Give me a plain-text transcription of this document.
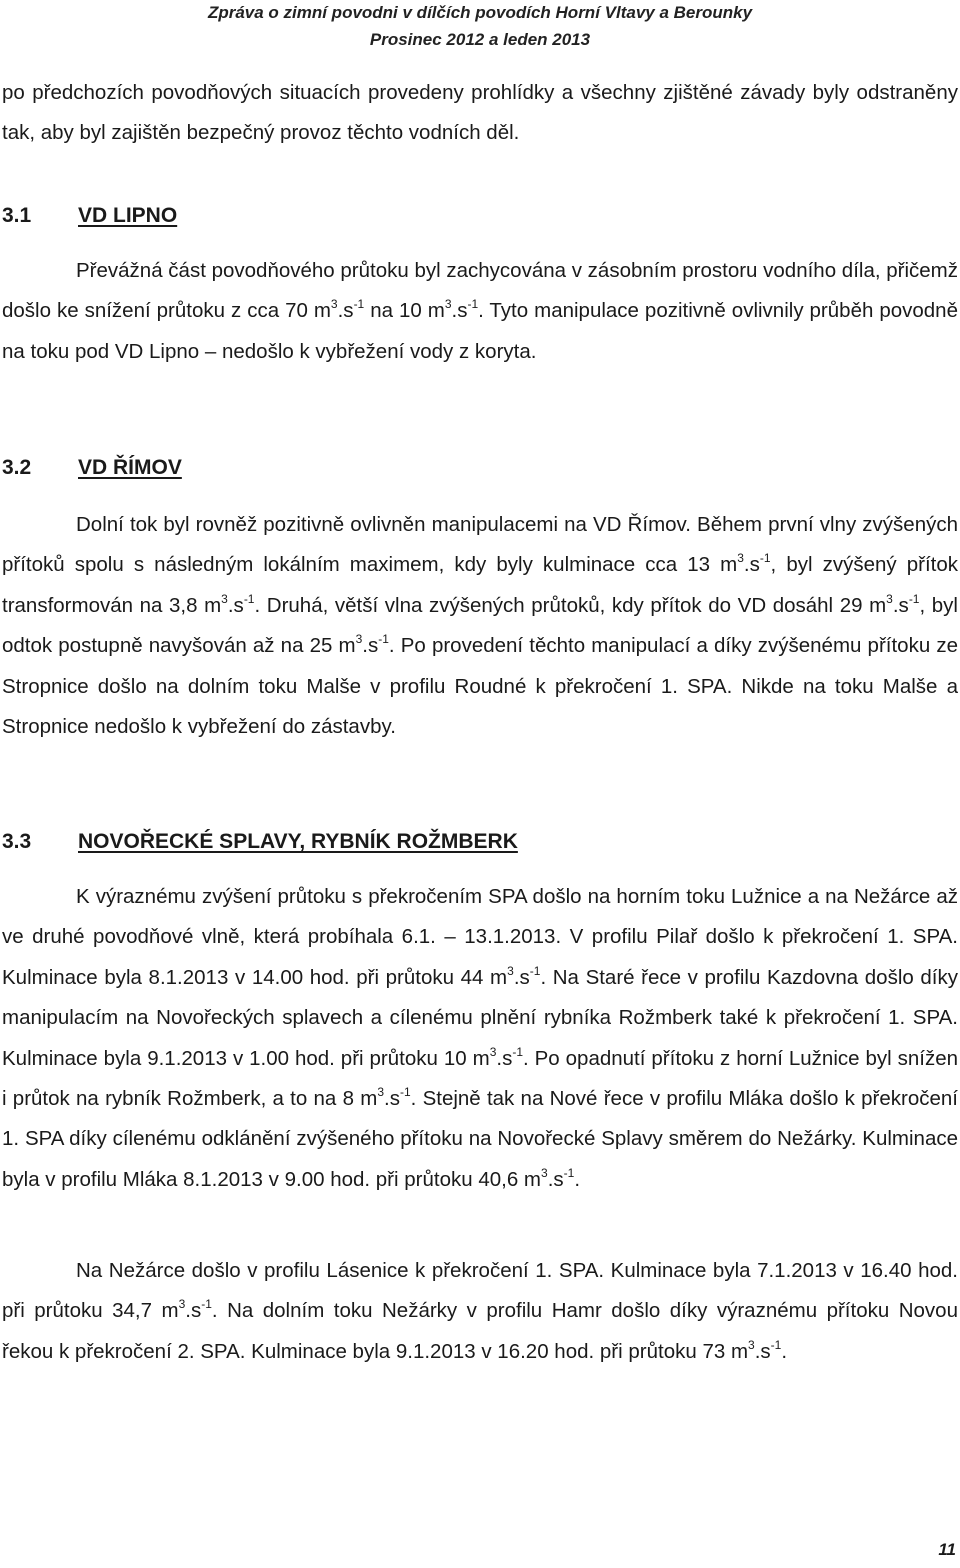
Zpráva o zimní povodni v dílčích povodích Horní Vltavy a Berounky
Prosinec 2012 a leden 2013

po předchozích povodňových situacích provedeny prohlídky a všechny zjištěné závady byly odstraněny tak, aby byl zajištěn bezpečný provoz těchto vodních děl.

3.1 VD LIPNO

Převážná část povodňového průtoku byl zachycována v zásobním prostoru vodního díla, přičemž došlo ke snížení průtoku z cca 70 $m^3.s^{-1}$ na 10 $m^3.s^{-1}$. Tyto manipulace pozitivně ovlivnily průběh povodně na toku pod VD Lipno – nedošlo k vybřežení vody z koryta.

3.2 VD ŘÍMOV

Dolní tok byl rovněž pozitivně ovlivněn manipulacemi na VD Římov. Během první vlny zvýšených přítoků spolu s následným lokálním maximem, kdy byly kulminace cca 13 $m^3.s^{-1}$, byl zvýšený přítok transformován na 3,8 $m^3.s^{-1}$. Druhá, větší vlna zvýšených průtoků, kdy přítok do VD dosáhl 29 $m^3.s^{-1}$, byl odtok postupně navyšován až na 25 $m^3.s^{-1}$. Po provedení těchto manipulací a díky zvýšenému přítoku ze Stropnice došlo na dolním toku Malše v profilu Roudné k překročení 1. SPA. Nikde na toku Malše a Stropnice nedošlo k vybřežení do zástavby.

3.3 NOVOŘECKÉ SPLAVY, RYBNÍK ROŽMBERK

K výraznému zvýšení průtoku s překročením SPA došlo na horním toku Lužnice a na Nežárce až ve druhé povodňové vlně, která probíhala 6.1. – 13.1.2013. V profilu Pilař došlo k překročení 1. SPA. Kulminace byla 8.1.2013 v 14.00 hod. při průtoku 44 $m^3.s^{-1}$. Na Staré řece v profilu Kazdovna došlo díky manipulacím na Novořeckých splavech a cílenému plnění rybníka Rožmberk také k překročení 1. SPA. Kulminace byla 9.1.2013 v 1.00 hod. při průtoku 10 $m^3.s^{-1}$. Po opadnutí přítoku z horní Lužnice byl snížen i průtok na rybník Rožmberk, a to na 8 $m^3.s^{-1}$. Stejně tak na Nové řece v profilu Mláka došlo k překročení 1. SPA díky cílenému odklánění zvýšeného přítoku na Novořecké Splavy směrem do Nežárky. Kulminace byla v profilu Mláka 8.1.2013 v 9.00 hod. při průtoku 40,6 $m^3.s^{-1}$.

Na Nežárce došlo v profilu Lásenice k překročení 1. SPA. Kulminace byla 7.1.2013 v 16.40 hod. při průtoku 34,7 $m^3.s^{-1}$. Na dolním toku Nežárky v profilu Hamr došlo díky výraznému přítoku Novou řekou k překročení 2. SPA. Kulminace byla 9.1.2013 v 16.20 hod. při průtoku 73 $m^3.s^{-1}$.

11
